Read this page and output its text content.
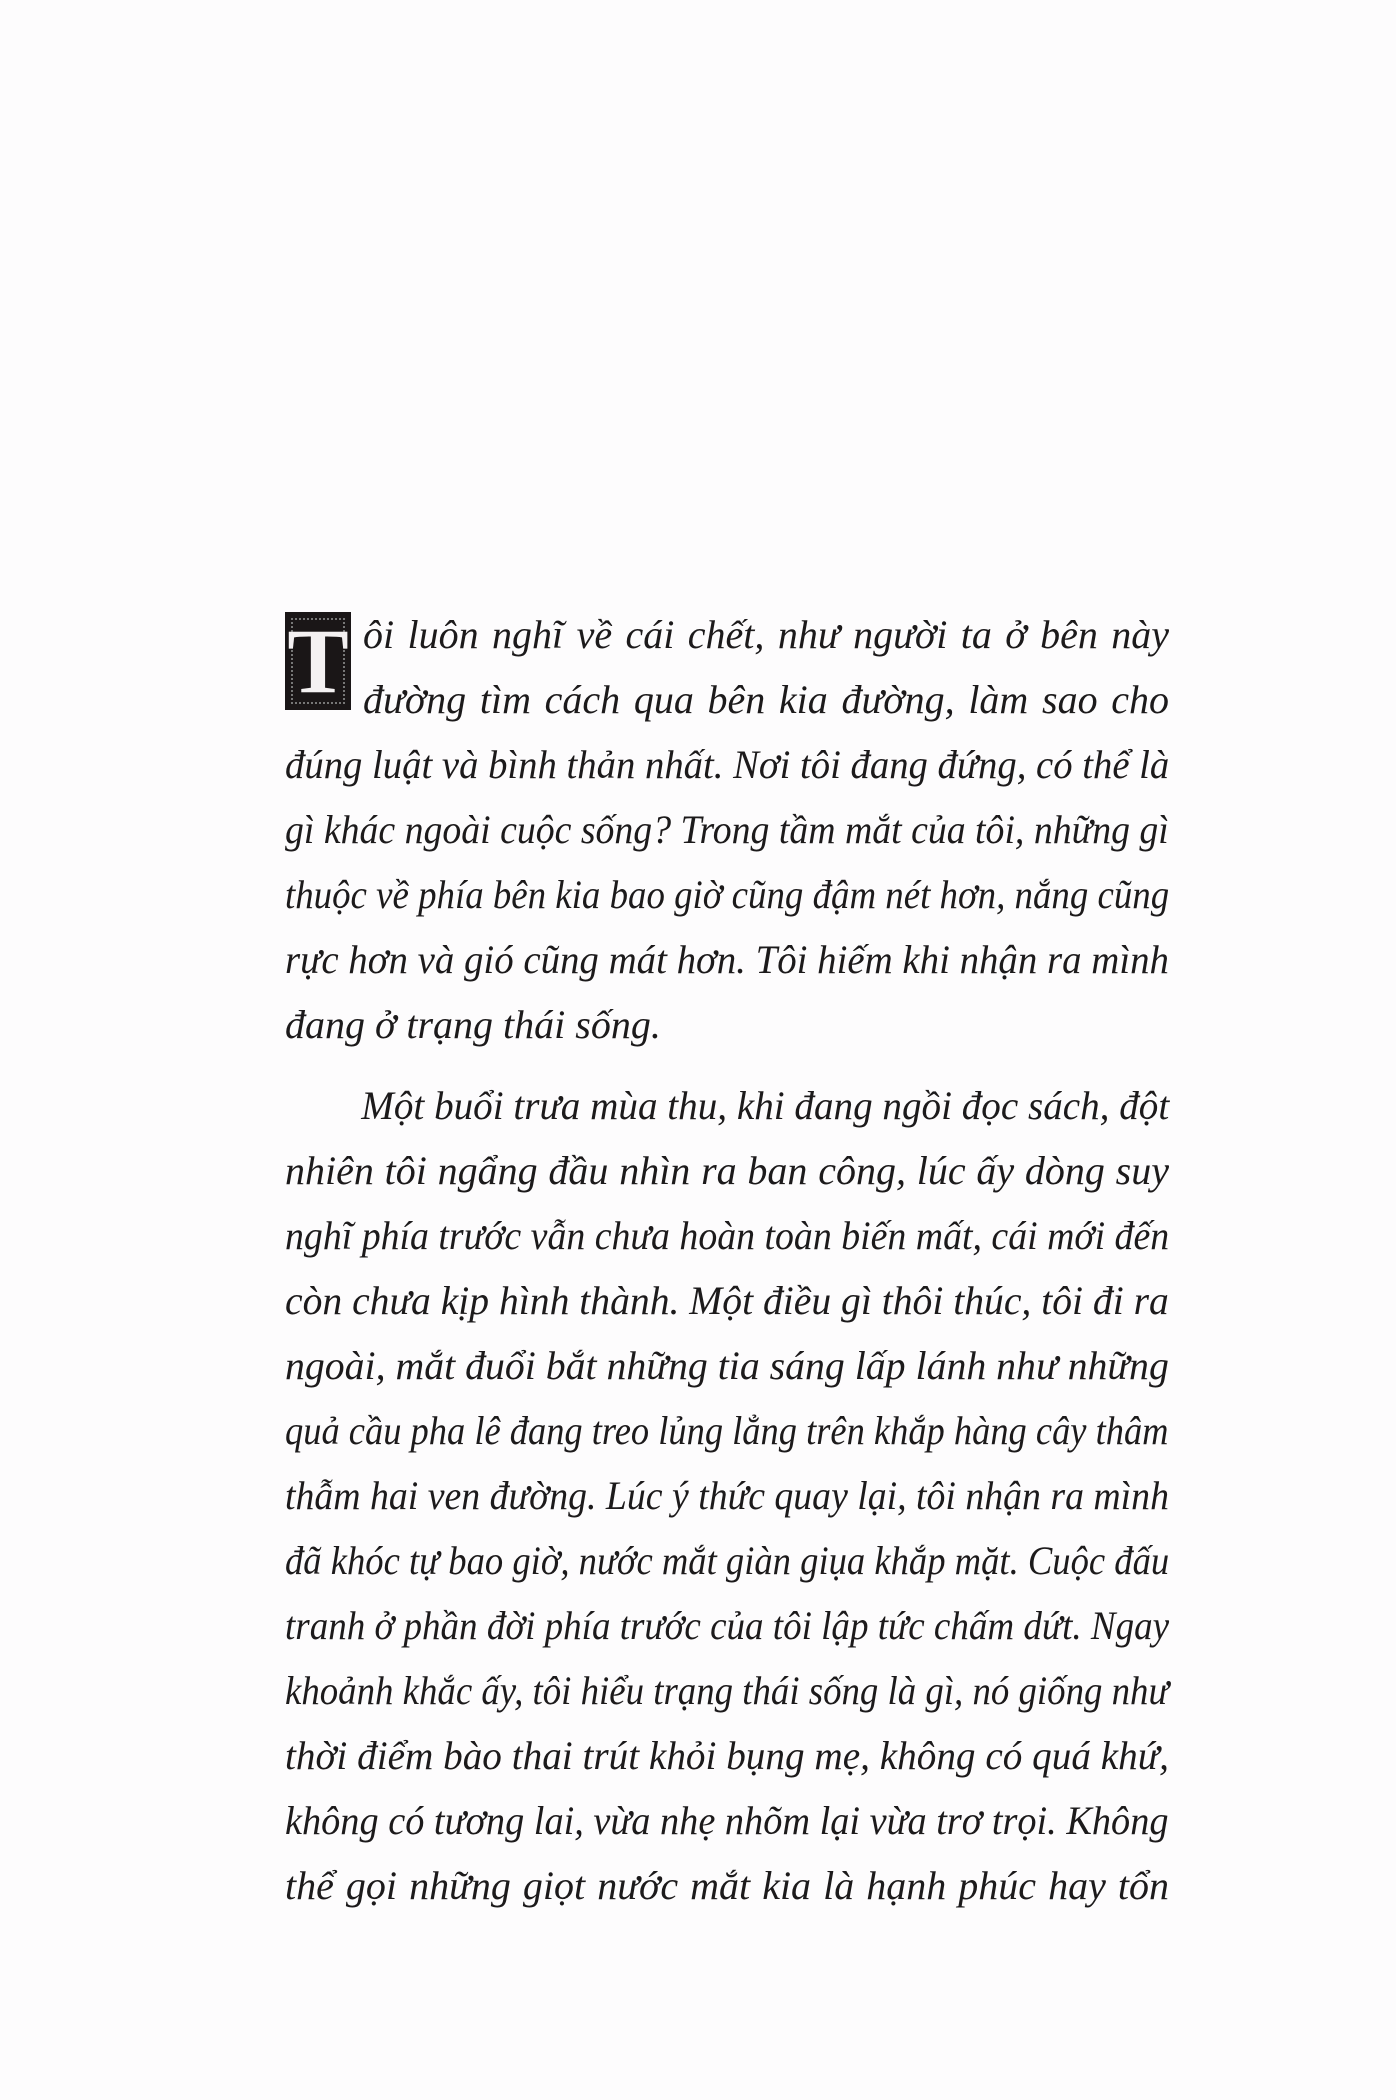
T ôi luôn nghĩ về cái chết, như người ta ở bên này
đường tìm cách qua bên kia đường, làm sao cho
đúng luật và bình thản nhất. Nơi tôi đang đứng, có thể là
gì khác ngoài cuộc sống? Trong tầm mắt của tôi, những gì
thuộc về phía bên kia bao giờ cũng đậm nét hơn, nắng cũng
rực hơn và gió cũng mát hơn. Tôi hiếm khi nhận ra mình
đang ở trạng thái sống.
Một buổi trưa mùa thu, khi đang ngồi đọc sách, đột
nhiên tôi ngẩng đầu nhìn ra ban công, lúc ấy dòng suy
nghĩ phía trước vẫn chưa hoàn toàn biến mất, cái mới đến
còn chưa kịp hình thành. Một điều gì thôi thúc, tôi đi ra
ngoài, mắt đuổi bắt những tia sáng lấp lánh như những
quả cầu pha lê đang treo lủng lẳng trên khắp hàng cây thâm
thẫm hai ven đường. Lúc ý thức quay lại, tôi nhận ra mình
đã khóc tự bao giờ, nước mắt giàn giụa khắp mặt. Cuộc đấu
tranh ở phần đời phía trước của tôi lập tức chấm dứt. Ngay
khoảnh khắc ấy, tôi hiểu trạng thái sống là gì, nó giống như
thời điểm bào thai trút khỏi bụng mẹ, không có quá khứ,
không có tương lai, vừa nhẹ nhõm lại vừa trơ trọi. Không
thể gọi những giọt nước mắt kia là hạnh phúc hay tổn
